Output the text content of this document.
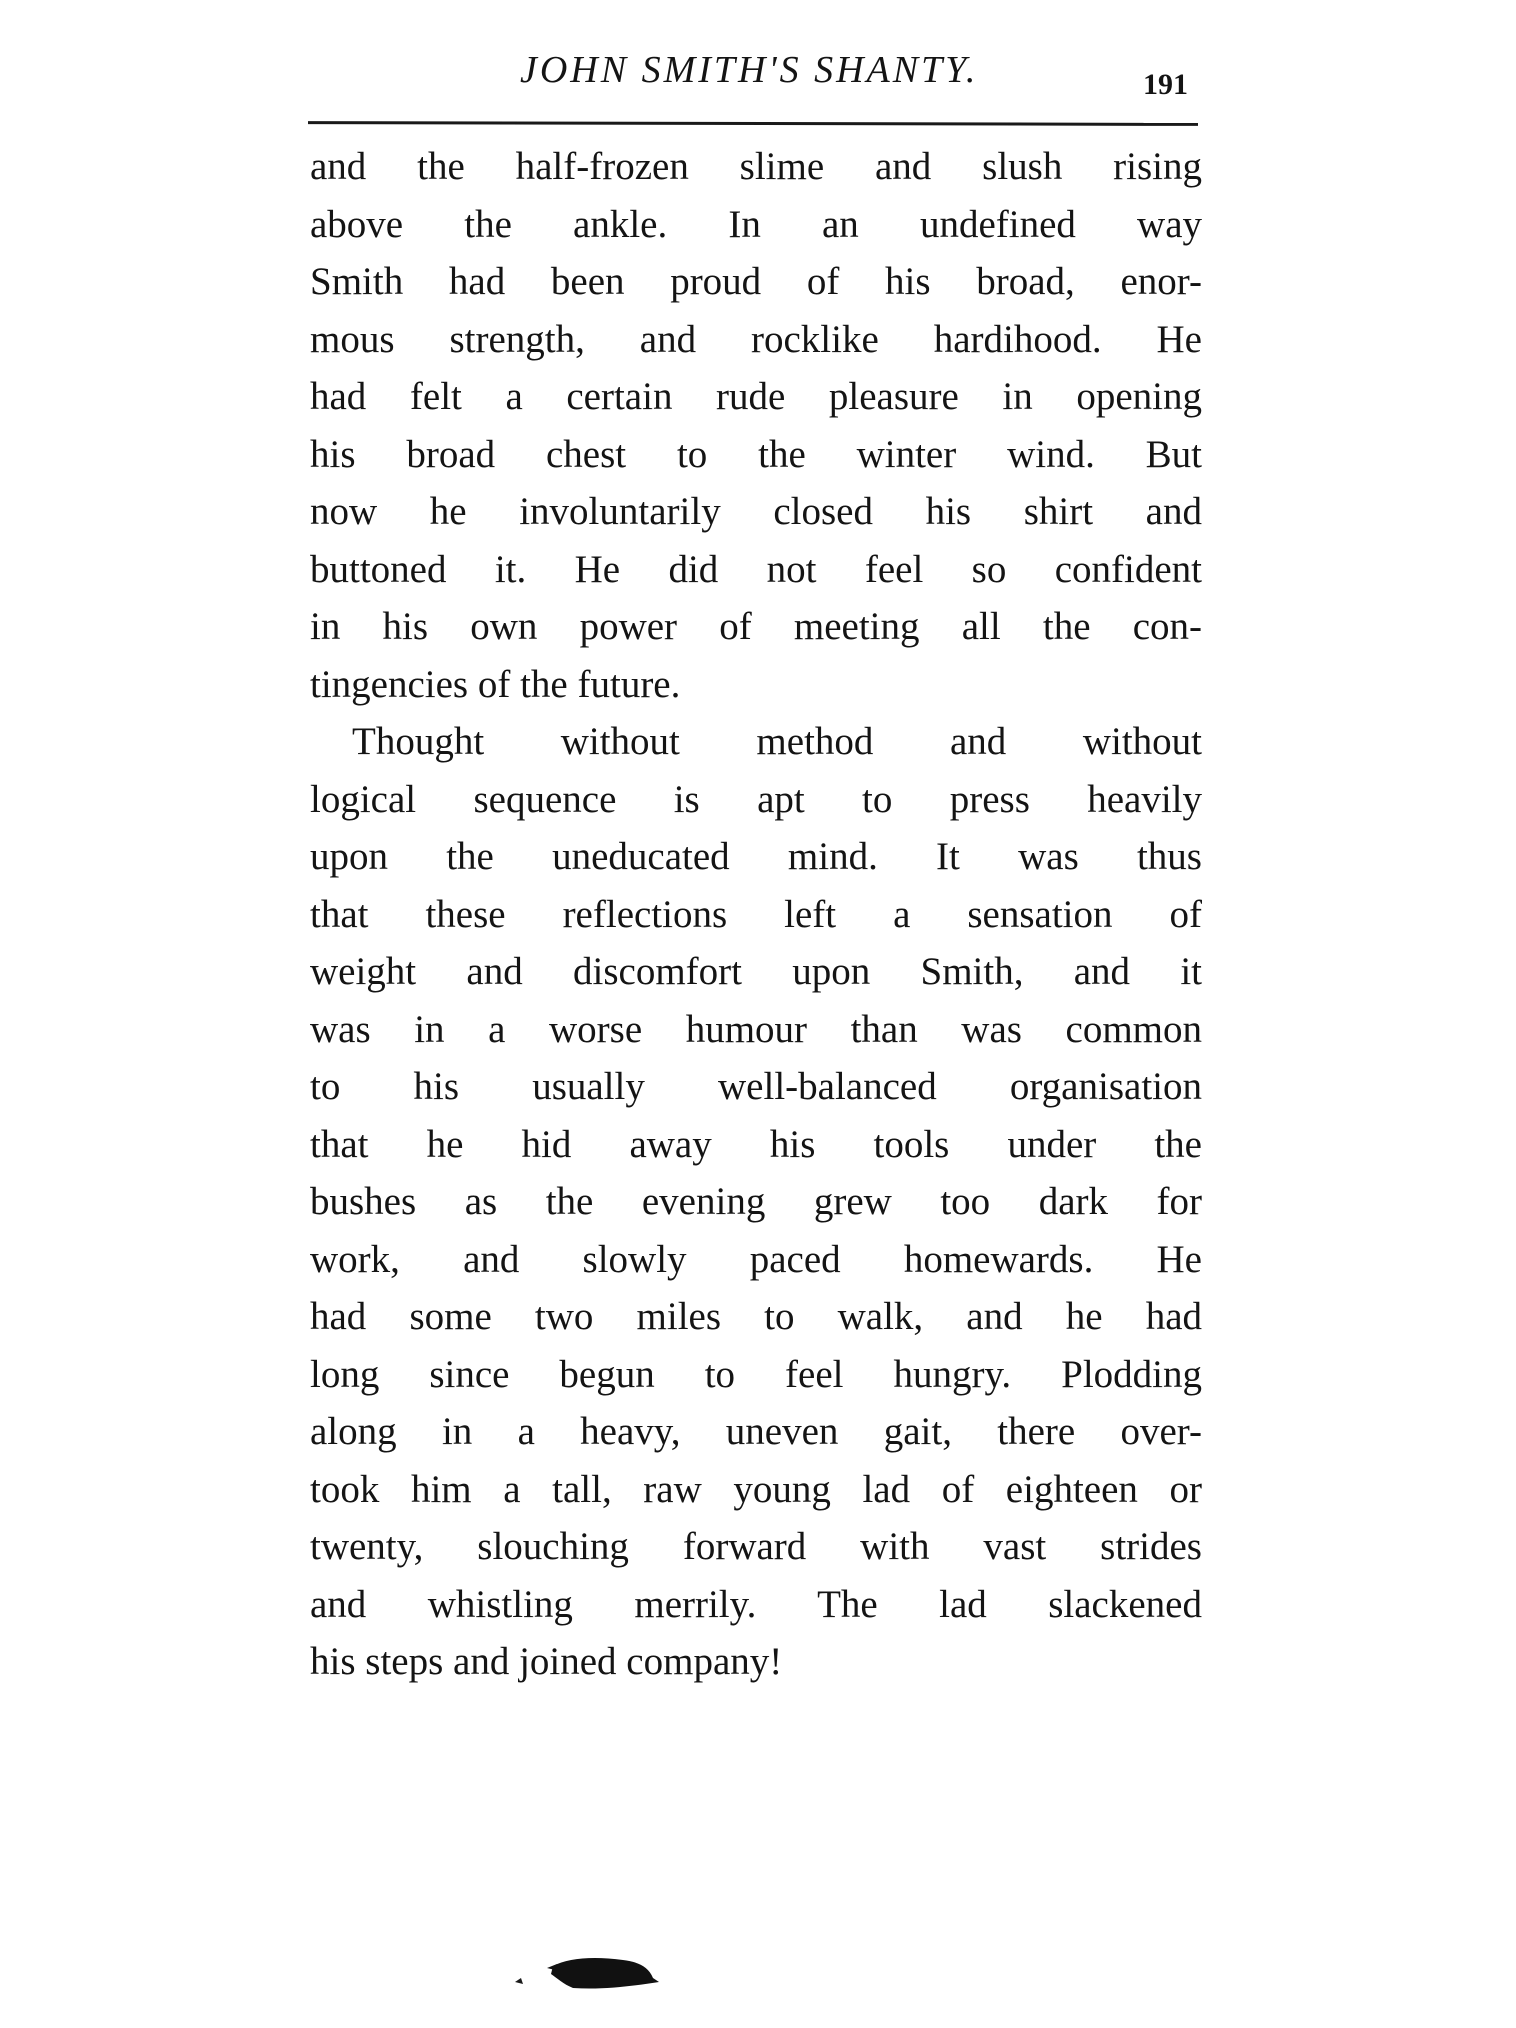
JOHN SMITH'S SHANTY.	191
and the half-frozen slime and slush rising
above the ankle. In an undefined way
Smith had been proud of his broad, enor-
mous strength, and rocklike hardihood. He
had felt a certain rude pleasure in opening
his broad chest to the winter wind. But
now he involuntarily closed his shirt and
buttoned it. He did not feel so confident
in his own power of meeting all the con-
tingencies of the future.
Thought without method and without
logical sequence is apt to press heavily
upon the uneducated mind. It was thus
that these reflections left a sensation of
weight and discomfort upon Smith, and it
was in a worse humour than was common
to his usually well-balanced organisation
that he hid away his tools under the
bushes as the evening grew too dark for
work, and slowly paced homewards. He
had some two miles to walk, and he had
long since begun to feel hungry. Plodding
along in a heavy, uneven gait, there over-
took him a tall, raw young lad of eighteen or
twenty, slouching forward with vast strides
and whistling merrily. The lad slackened
his steps and joined company!
